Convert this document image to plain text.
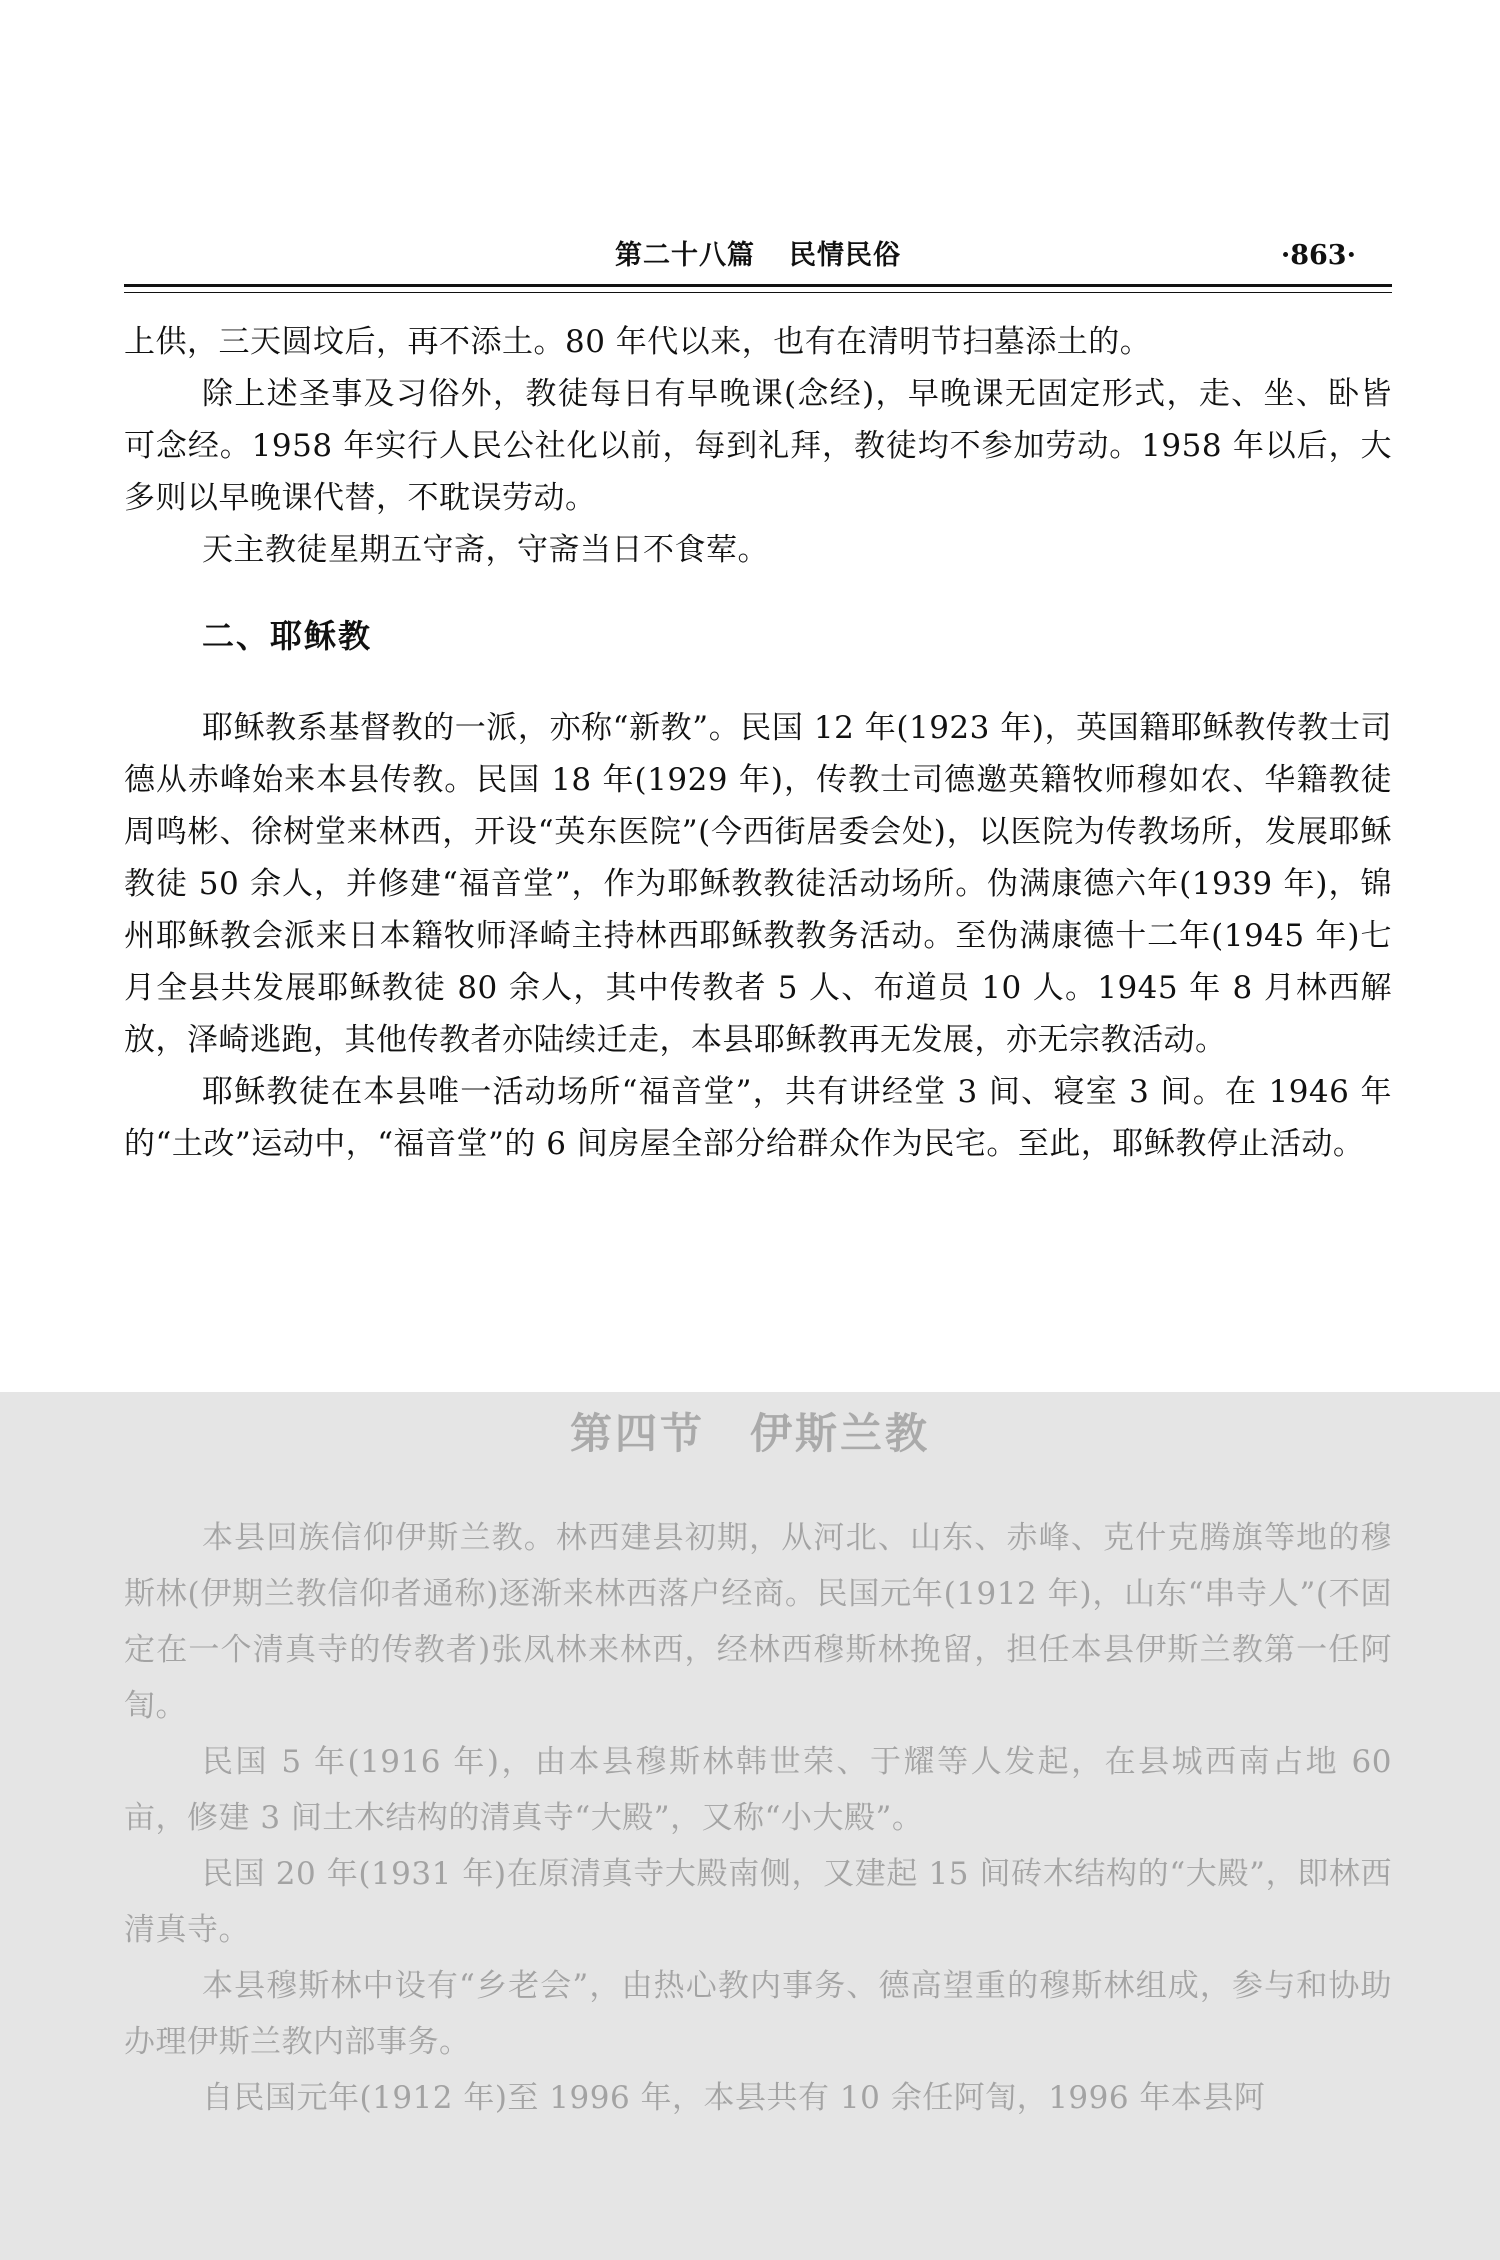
第二十八篇 民情民俗	·863·

上供，三天圆坟后，再不添土。80 年代以来，也有在清明节扫墓添土的。

除上述圣事及习俗外，教徒每日有早晚课(念经)，早晚课无固定形式，走、坐、卧皆可念经。1958 年实行人民公社化以前，每到礼拜，教徒均不参加劳动。1958 年以后，大多则以早晚课代替，不耽误劳动。

天主教徒星期五守斋，守斋当日不食荤。

二、耶稣教

耶稣教系基督教的一派，亦称“新教”。民国 12 年(1923 年)，英国籍耶稣教传教士司德从赤峰始来本县传教。民国 18 年(1929 年)，传教士司德邀英籍牧师穆如农、华籍教徒周鸣彬、徐树堂来林西，开设“英东医院”(今西街居委会处)，以医院为传教场所，发展耶稣教徒 50 余人，并修建“福音堂”，作为耶稣教教徒活动场所。伪满康德六年(1939 年)，锦州耶稣教会派来日本籍牧师泽崎主持林西耶稣教教务活动。至伪满康德十二年(1945 年)七月全县共发展耶稣教徒 80 余人，其中传教者 5 人、布道员 10 人。1945 年 8 月林西解放，泽崎逃跑，其他传教者亦陆续迁走，本县耶稣教再无发展，亦无宗教活动。

耶稣教徒在本县唯一活动场所“福音堂”，共有讲经堂 3 间、寝室 3 间。在 1946 年的“土改”运动中，“福音堂”的 6 间房屋全部分给群众作为民宅。至此，耶稣教停止活动。

第四节　伊斯兰教

本县回族信仰伊斯兰教。林西建县初期，从河北、山东、赤峰、克什克腾旗等地的穆斯林(伊期兰教信仰者通称)逐渐来林西落户经商。民国元年(1912 年)，山东“串寺人”(不固定在一个清真寺的传教者)张凤林来林西，经林西穆斯林挽留，担任本县伊斯兰教第一任阿訇。

民国 5 年(1916 年)，由本县穆斯林韩世荣、于耀等人发起，在县城西南占地 60 亩，修建 3 间土木结构的清真寺“大殿”，又称“小大殿”。

民国 20 年(1931 年)在原清真寺大殿南侧，又建起 15 间砖木结构的“大殿”，即林西清真寺。

本县穆斯林中设有“乡老会”，由热心教内事务、德高望重的穆斯林组成，参与和协助办理伊斯兰教内部事务。

自民国元年(1912 年)至 1996 年，本县共有 10 余任阿訇，1996 年本县阿
